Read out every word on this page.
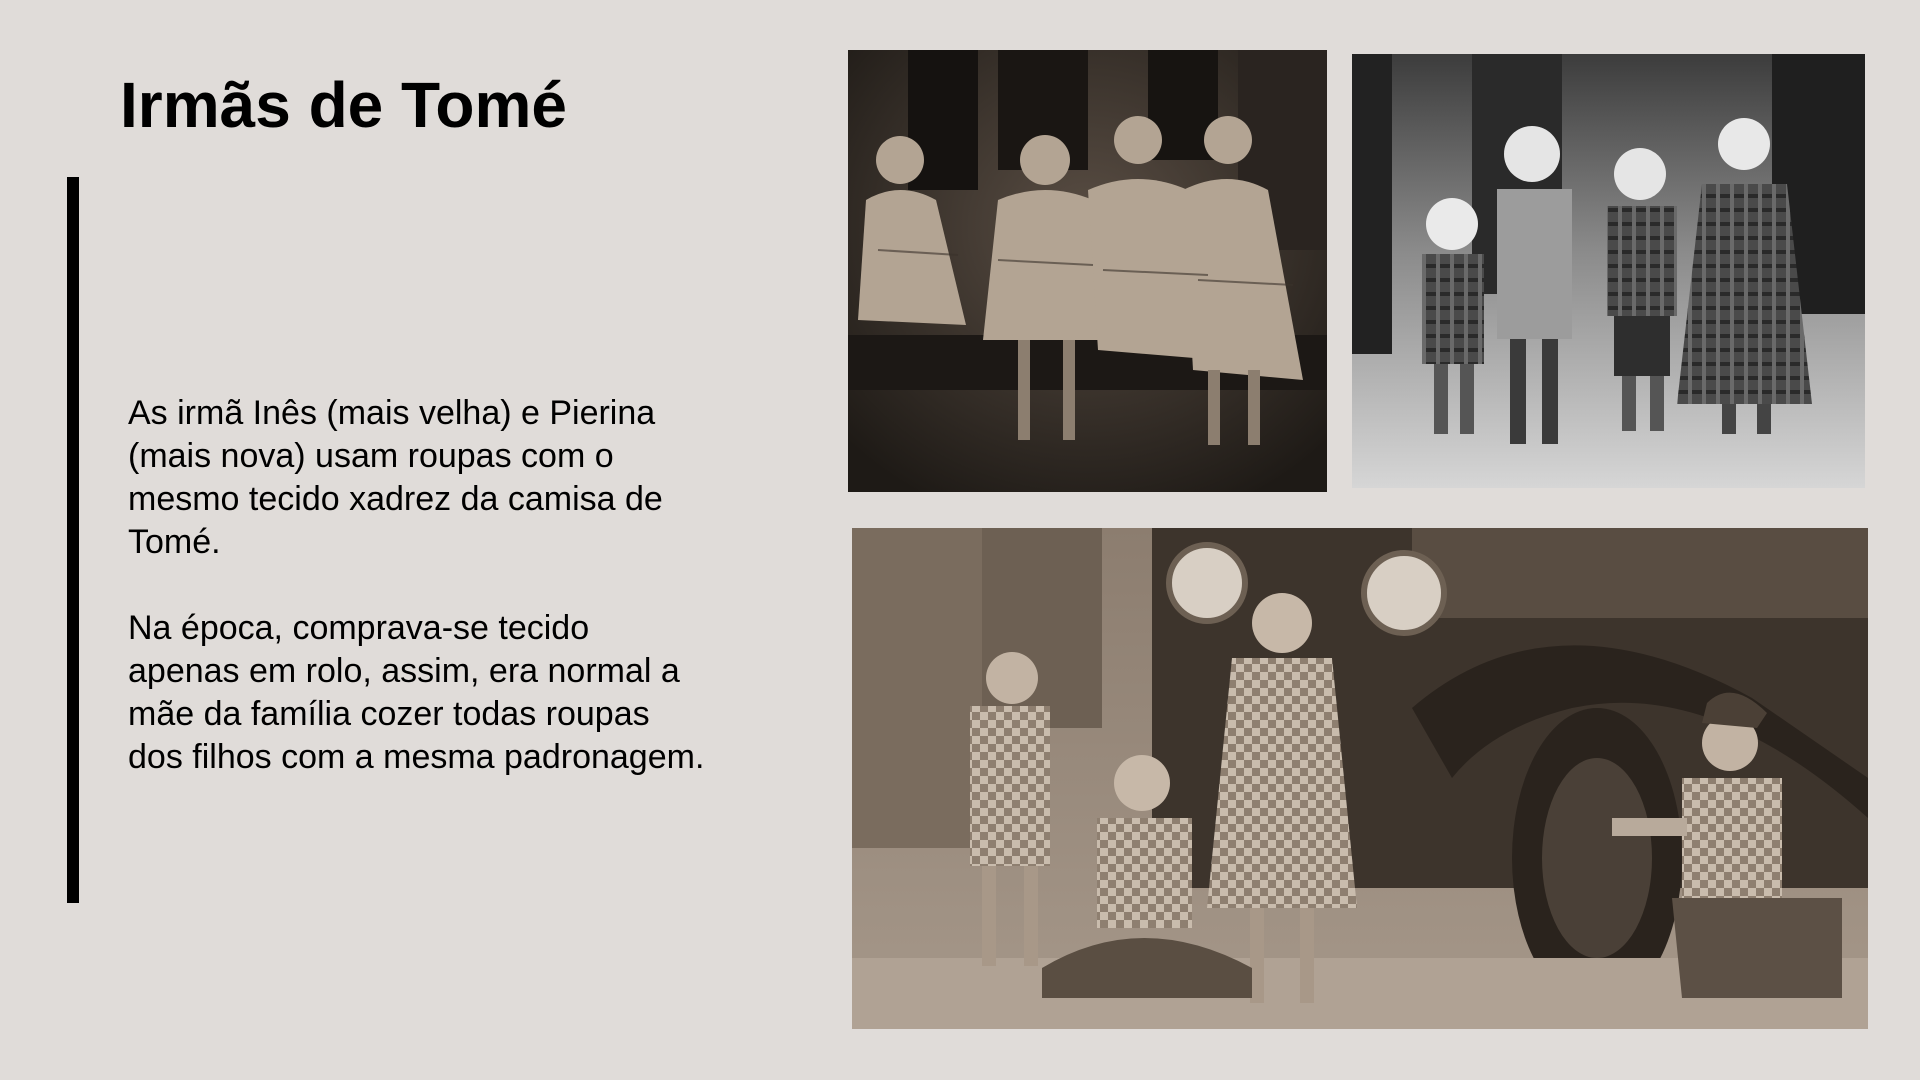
Irmãs de Tomé

As irmã Inês (mais velha) e Pierina (mais nova) usam roupas com o mesmo tecido xadrez da camisa de Tomé.

Na época, comprava-se tecido apenas em rolo, assim, era normal a mãe da família cozer todas roupas dos filhos com a mesma padronagem.
